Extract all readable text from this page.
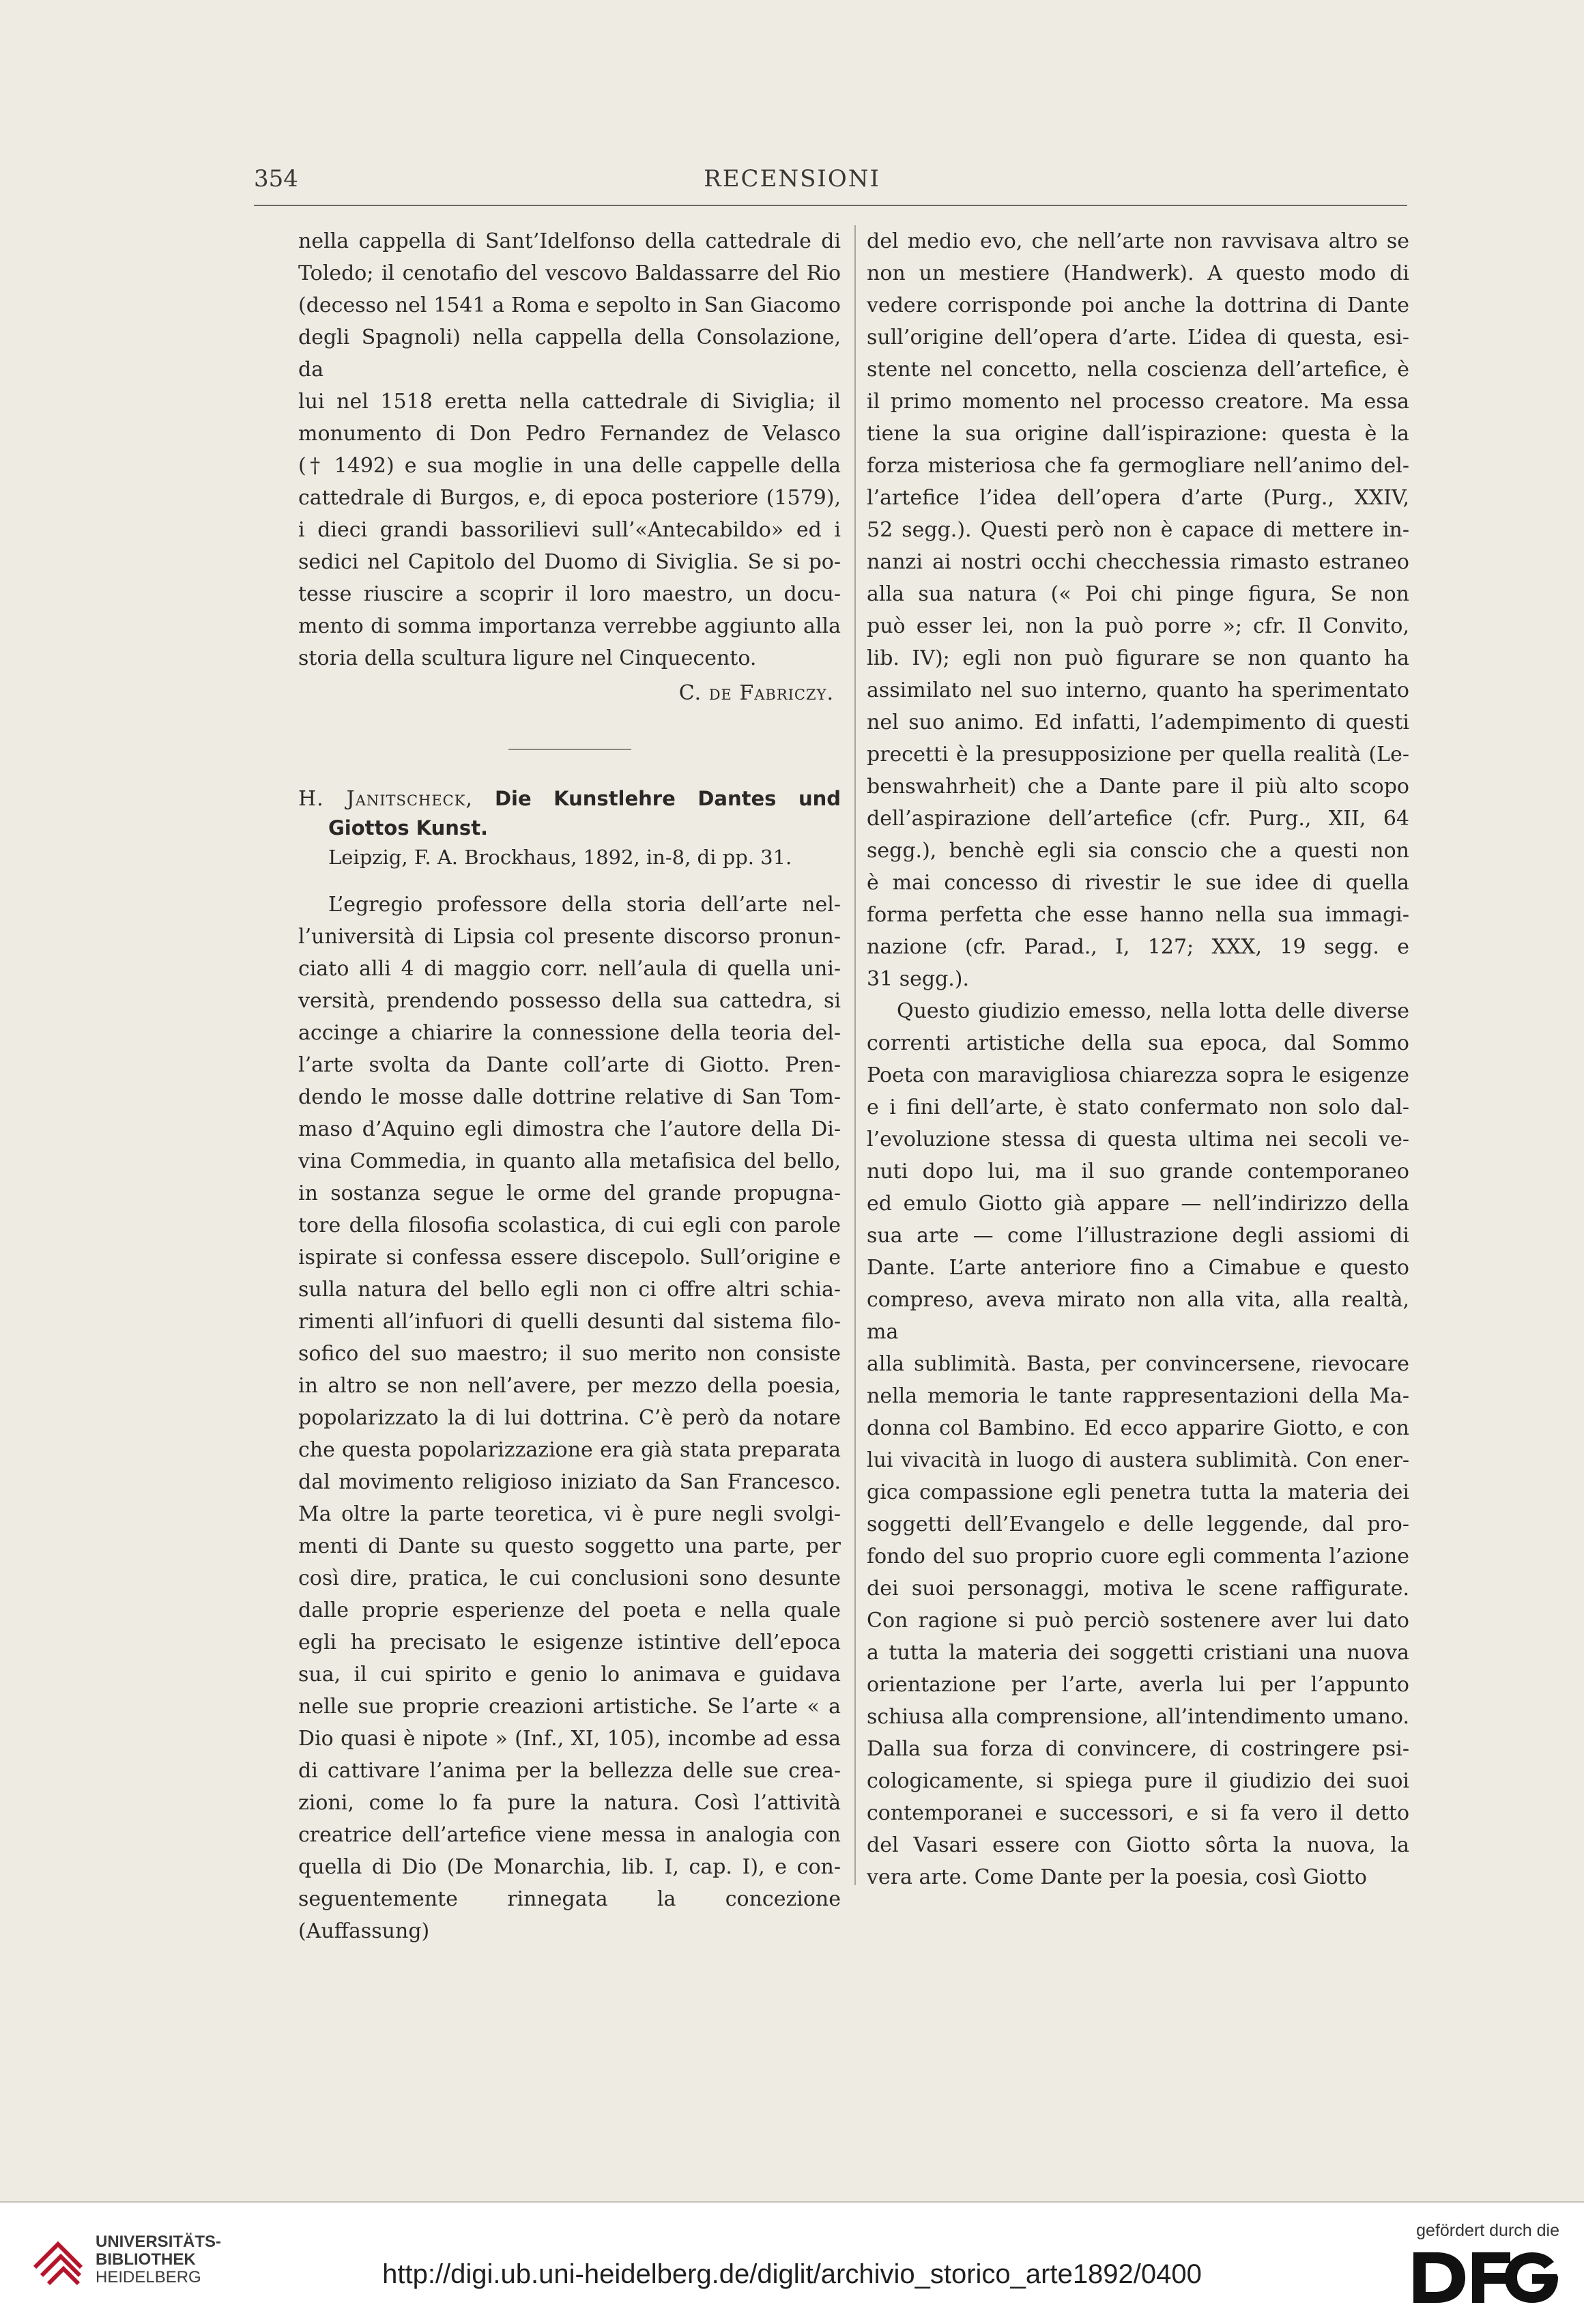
354	RECENSIONI

nella cappella di Sant’Idelfonso della cattedrale di
Toledo; il cenotafio del vescovo Baldassarre del Rio
(decesso nel 1541 a Roma e sepolto in San Giacomo
degli Spagnoli) nella cappella della Consolazione, da
lui nel 1518 eretta nella cattedrale di Siviglia; il
monumento di Don Pedro Fernandez de Velasco
(† 1492) e sua moglie in una delle cappelle della
cattedrale di Burgos, e, di epoca posteriore (1579),
i dieci grandi bassorilievi sull’«Antecabildo» ed i
sedici nel Capitolo del Duomo di Siviglia. Se si po-
tesse riuscire a scoprir il loro maestro, un docu-
mento di somma importanza verrebbe aggiunto alla
storia della scultura ligure nel Cinquecento.

C. de Fabriczy.

H. Janitscheck, Die Kunstlehre Dantes und Giottos Kunst.
Leipzig, F. A. Brockhaus, 1892, in-8, di pp. 31.

L’egregio professore della storia dell’arte nel-
l’università di Lipsia col presente discorso pronun-
ciato alli 4 di maggio corr. nell’aula di quella uni-
versità, prendendo possesso della sua cattedra, si
accinge a chiarire la connessione della teoria del-
l’arte svolta da Dante coll’arte di Giotto. Pren-
dendo le mosse dalle dottrine relative di San Tom-
maso d’Aquino egli dimostra che l’autore della Di-
vina Commedia, in quanto alla metafisica del bello,
in sostanza segue le orme del grande propugna-
tore della filosofia scolastica, di cui egli con parole
ispirate si confessa essere discepolo. Sull’origine e
sulla natura del bello egli non ci offre altri schia-
rimenti all’infuori di quelli desunti dal sistema filo-
sofico del suo maestro; il suo merito non consiste
in altro se non nell’avere, per mezzo della poesia,
popolarizzato la di lui dottrina. C’è però da notare
che questa popolarizzazione era già stata preparata
dal movimento religioso iniziato da San Francesco.
Ma oltre la parte teoretica, vi è pure negli svolgi-
menti di Dante su questo soggetto una parte, per
così dire, pratica, le cui conclusioni sono desunte
dalle proprie esperienze del poeta e nella quale
egli ha precisato le esigenze istintive dell’epoca
sua, il cui spirito e genio lo animava e guidava
nelle sue proprie creazioni artistiche. Se l’arte « a
Dio quasi è nipote » (Inf., XI, 105), incombe ad essa
di cattivare l’anima per la bellezza delle sue crea-
zioni, come lo fa pure la natura. Così l’attività
creatrice dell’artefice viene messa in analogia con
quella di Dio (De Monarchia, lib. I, cap. I), e con-
seguentemente rinnegata la concezione (Auffassung)

del medio evo, che nell’arte non ravvisava altro se
non un mestiere (Handwerk). A questo modo di
vedere corrisponde poi anche la dottrina di Dante
sull’origine dell’opera d’arte. L’idea di questa, esi-
stente nel concetto, nella coscienza dell’artefice, è
il primo momento nel processo creatore. Ma essa
tiene la sua origine dall’ispirazione: questa è la
forza misteriosa che fa germogliare nell’animo del-
l’artefice l’idea dell’opera d’arte (Purg., XXIV,
52 segg.). Questi però non è capace di mettere in-
nanzi ai nostri occhi checchessia rimasto estraneo
alla sua natura (« Poi chi pinge figura, Se non
può esser lei, non la può porre »; cfr. Il Convito,
lib. IV); egli non può figurare se non quanto ha
assimilato nel suo interno, quanto ha sperimentato
nel suo animo. Ed infatti, l’adempimento di questi
precetti è la presupposizione per quella realità (Le-
benswahrheit) che a Dante pare il più alto scopo
dell’aspirazione dell’artefice (cfr. Purg., XII, 64
segg.), benchè egli sia conscio che a questi non
è mai concesso di rivestir le sue idee di quella
forma perfetta che esse hanno nella sua immagi-
nazione (cfr. Parad., I, 127; XXX, 19 segg. e
31 segg.).

Questo giudizio emesso, nella lotta delle diverse
correnti artistiche della sua epoca, dal Sommo
Poeta con maravigliosa chiarezza sopra le esigenze
e i fini dell’arte, è stato confermato non solo dal-
l’evoluzione stessa di questa ultima nei secoli ve-
nuti dopo lui, ma il suo grande contemporaneo
ed emulo Giotto già appare — nell’indirizzo della
sua arte — come l’illustrazione degli assiomi di
Dante. L’arte anteriore fino a Cimabue e questo
compreso, aveva mirato non alla vita, alla realtà, ma
alla sublimità. Basta, per convincersene, rievocare
nella memoria le tante rappresentazioni della Ma-
donna col Bambino. Ed ecco apparire Giotto, e con
lui vivacità in luogo di austera sublimità. Con ener-
gica compassione egli penetra tutta la materia dei
soggetti dell’Evangelo e delle leggende, dal pro-
fondo del suo proprio cuore egli commenta l’azione
dei suoi personaggi, motiva le scene raffigurate.
Con ragione si può perciò sostenere aver lui dato
a tutta la materia dei soggetti cristiani una nuova
orientazione per l’arte, averla lui per l’appunto
schiusa alla comprensione, all’intendimento umano.
Dalla sua forza di convincere, di costringere psi-
cologicamente, si spiega pure il giudizio dei suoi
contemporanei e successori, e si fa vero il detto
del Vasari essere con Giotto sôrta la nuova, la
vera arte. Come Dante per la poesia, così Giotto

UNIVERSITÄTS-
BIBLIOTHEK
HEIDELBERG	http://digi.ub.uni-heidelberg.de/diglit/archivio_storico_arte1892/0400
gefördert durch die
